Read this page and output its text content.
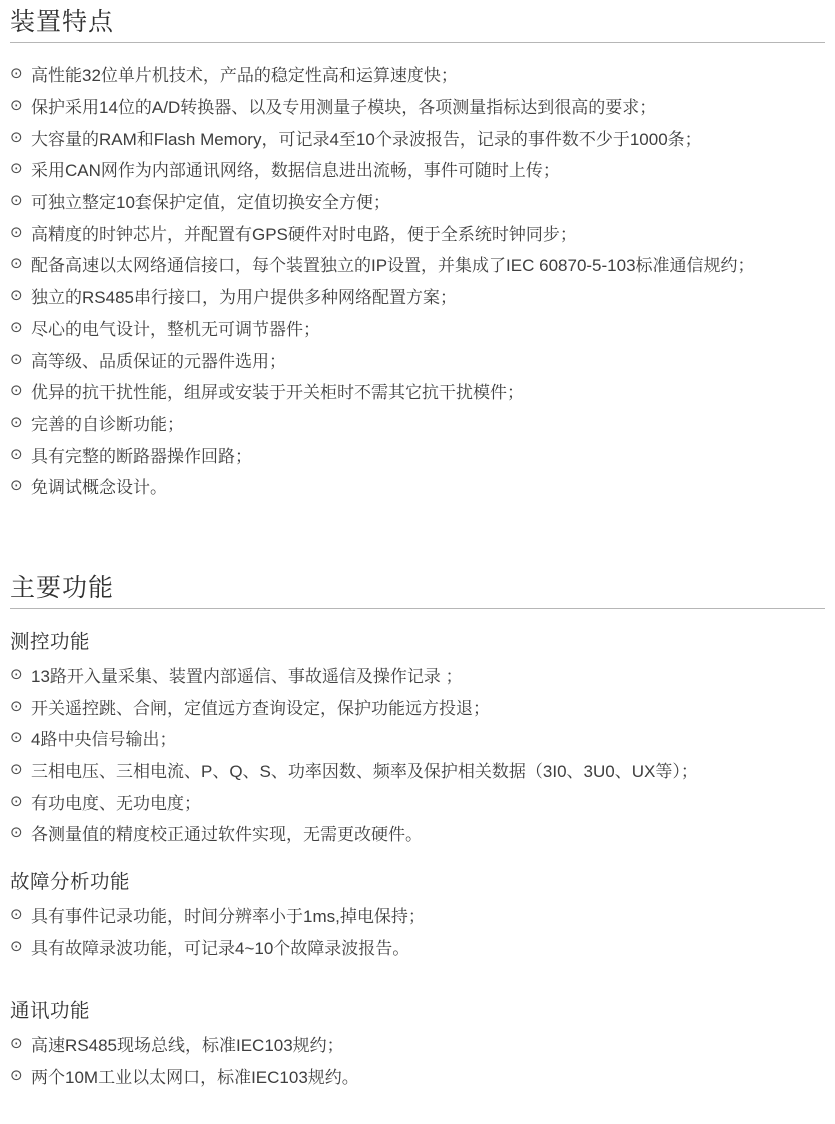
装置特点
⊙ 高性能32位单片机技术，产品的稳定性高和运算速度快；
⊙ 保护采用14位的A/D转换器、以及专用测量子模块，各项测量指标达到很高的要求；
⊙ 大容量的RAM和Flash Memory，可记录4至10个录波报告，记录的事件数不少于1000条；
⊙ 采用CAN网作为内部通讯网络，数据信息进出流畅，事件可随时上传；
⊙ 可独立整定10套保护定值，定值切换安全方便；
⊙ 高精度的时钟芯片，并配置有GPS硬件对时电路，便于全系统时钟同步；
⊙ 配备高速以太网络通信接口，每个装置独立的IP设置，并集成了IEC 60870-5-103标准通信规约；
⊙ 独立的RS485串行接口，为用户提供多种网络配置方案；
⊙ 尽心的电气设计，整机无可调节器件；
⊙ 高等级、品质保证的元器件选用；
⊙ 优异的抗干扰性能，组屏或安装于开关柜时不需其它抗干扰模件；
⊙ 完善的自诊断功能；
⊙ 具有完整的断路器操作回路；
⊙ 免调试概念设计。
主要功能
测控功能
⊙ 13路开入量采集、装置内部遥信、事故遥信及操作记录 ；
⊙ 开关遥控跳、合闸，定值远方查询设定，保护功能远方投退；
⊙ 4路中央信号输出；
⊙ 三相电压、三相电流、P、Q、S、功率因数、频率及保护相关数据（3I0、3U0、UX等）；
⊙ 有功电度、无功电度；
⊙ 各测量值的精度校正通过软件实现，无需更改硬件。
故障分析功能
⊙ 具有事件记录功能，时间分辨率小于1ms,掉电保持；
⊙ 具有故障录波功能，可记录4~10个故障录波报告。
通讯功能
⊙ 高速RS485现场总线，标准IEC103规约；
⊙ 两个10M工业以太网口，标准IEC103规约。
